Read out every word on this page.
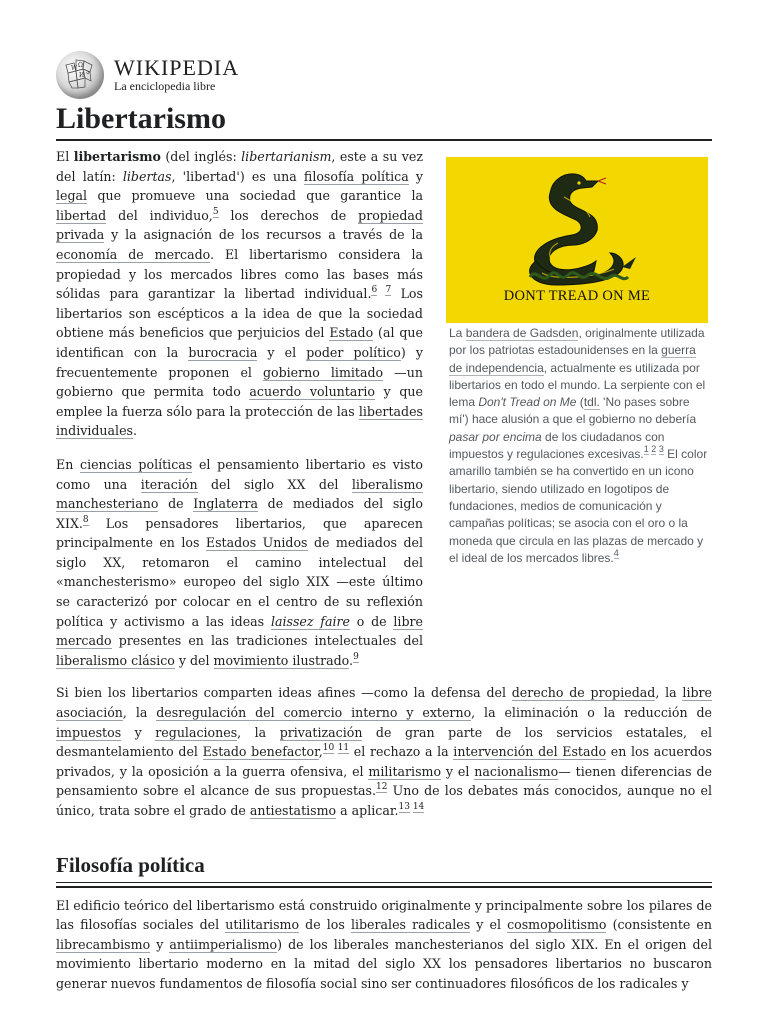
W Ω
И ي WIKIPEDIA
La enciclopedia libre
Libertarismo
DONT TREAD ON ME
La bandera de Gadsden, originalmente utilizada por los patriotas estadounidenses en la guerra de independencia, actualmente es utilizada por libertarios en todo el mundo. La serpiente con el lema Don't Tread on Me (tdl. 'No pases sobre mí') hace alusión a que el gobierno no debería pasar por encima de los ciudadanos con impuestos y regulaciones excesivas.$^{1 2 3}$ El color amarillo también se ha convertido en un icono libertario, siendo utilizado en logotipos de fundaciones, medios de comunicación y campañas políticas; se asocia con el oro o la moneda que circula en las plazas de mercado y el ideal de los mercados libres.$^4$

El libertarismo (del inglés: libertarianism, este a su vez del latín: libertas, 'libertad') es una filosofía política y legal que promueve una sociedad que garantice la libertad del individuo,$^5$ los derechos de propiedad privada y la asignación de los recursos a través de la economía de mercado. El libertarismo considera la propiedad y los mercados libres como las bases más sólidas para garantizar la libertad individual.$^{6 7}$ Los libertarios son escépticos a la idea de que la sociedad obtiene más beneficios que perjuicios del Estado (al que identifican con la burocracia y el poder político) y frecuentemente proponen el gobierno limitado —un gobierno que permita todo acuerdo voluntario y que emplee la fuerza sólo para la protección de las libertades individuales.

En ciencias políticas el pensamiento libertario es visto como una iteración del siglo XX del liberalismo manchesteriano de Inglaterra de mediados del siglo XIX.$^8$ Los pensadores libertarios, que aparecen principalmente en los Estados Unidos de mediados del siglo XX, retomaron el camino intelectual del «manchesterismo» europeo del siglo XIX —este último se caracterizó por colocar en el centro de su reflexión política y activismo a las ideas laissez faire o de libre mercado presentes en las tradiciones intelectuales del liberalismo clásico y del movimiento ilustrado.$^9$

Si bien los libertarios comparten ideas afines —como la defensa del derecho de propiedad, la libre asociación, la desregulación del comercio interno y externo, la eliminación o la reducción de impuestos y regulaciones, la privatización de gran parte de los servicios estatales, el desmantelamiento del Estado benefactor,$^{10 11}$ el rechazo a la intervención del Estado en los acuerdos privados, y la oposición a la guerra ofensiva, el militarismo y el nacionalismo— tienen diferencias de pensamiento sobre el alcance de sus propuestas.$^{12}$ Uno de los debates más conocidos, aunque no el único, trata sobre el grado de antiestatismo a aplicar.$^{13 14}$

Filosofía política

El edificio teórico del libertarismo está construido originalmente y principalmente sobre los pilares de las filosofías sociales del utilitarismo de los liberales radicales y el cosmopolitismo (consistente en librecambismo y antiimperialismo) de los liberales manchesterianos del siglo XIX. En el origen del movimiento libertario moderno en la mitad del siglo XX los pensadores libertarios no buscaron generar nuevos fundamentos de filosofía social sino ser continuadores filosóficos de los radicales y
